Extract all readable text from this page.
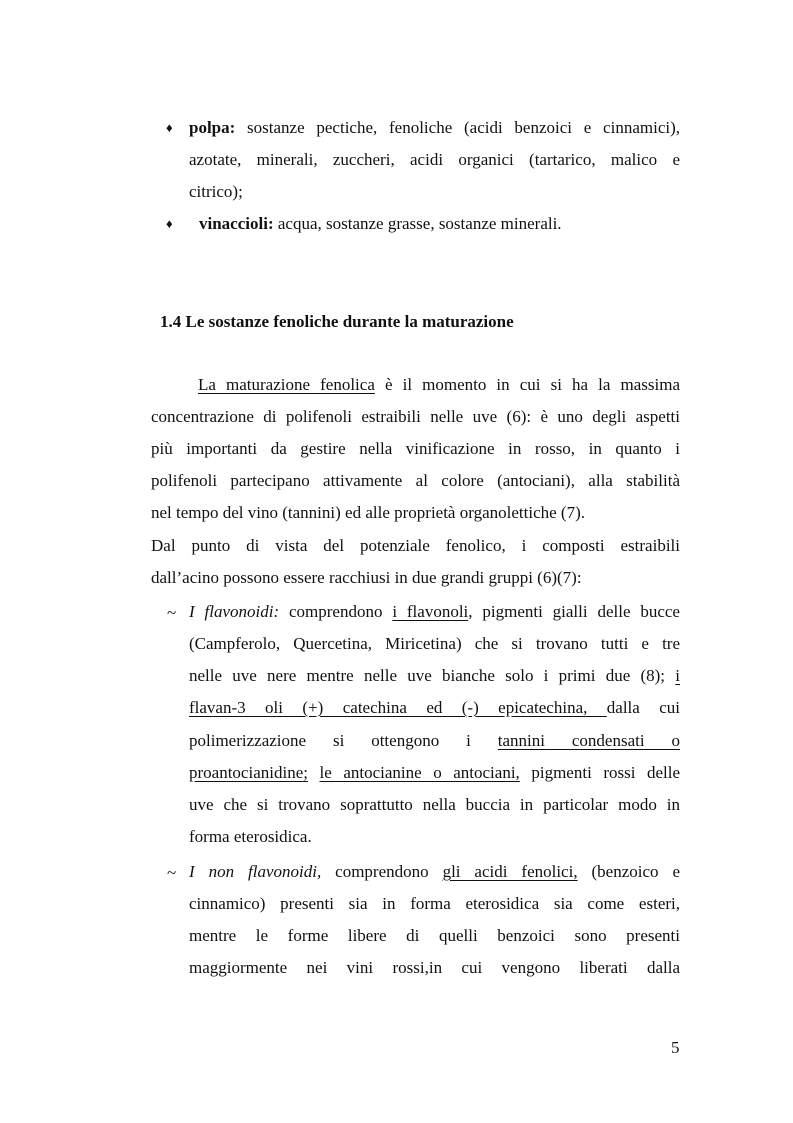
♦ polpa: sostanze pectiche, fenoliche (acidi benzoici e cinnamici),
azotate, minerali, zuccheri, acidi organici (tartarico, malico e
citrico);
♦ vinaccioli: acqua, sostanze grasse, sostanze minerali.
1.4 Le sostanze fenoliche durante la maturazione
La maturazione fenolica è il momento in cui si ha la massima
concentrazione di polifenoli estraibili nelle uve (6): è uno degli aspetti
più importanti da gestire nella vinificazione in rosso, in quanto i
polifenoli partecipano attivamente al colore (antociani), alla stabilità
nel tempo del vino (tannini) ed alle proprietà organolettiche (7).
Dal punto di vista del potenziale fenolico, i composti estraibili
dall’acino possono essere racchiusi in due grandi gruppi (6)(7):
~ I flavonoidi: comprendono i flavonoli, pigmenti gialli delle bucce
(Campferolo, Quercetina, Miricetina) che si trovano tutti e tre
nelle uve nere mentre nelle uve bianche solo i primi due (8); i
flavan-3 oli (+) catechina ed (-) epicatechina, dalla cui
polimerizzazione si ottengono i tannini condensati o
proantocianidine; le antocianine o antociani, pigmenti rossi delle
uve che si trovano soprattutto nella buccia in particolar modo in
forma eterosidica.
~ I non flavonoidi, comprendono gli acidi fenolici, (benzoico e
cinnamico) presenti sia in forma eterosidica sia come esteri,
mentre le forme libere di quelli benzoici sono presenti
maggiormente nei vini rossi,in cui vengono liberati dalla
5
